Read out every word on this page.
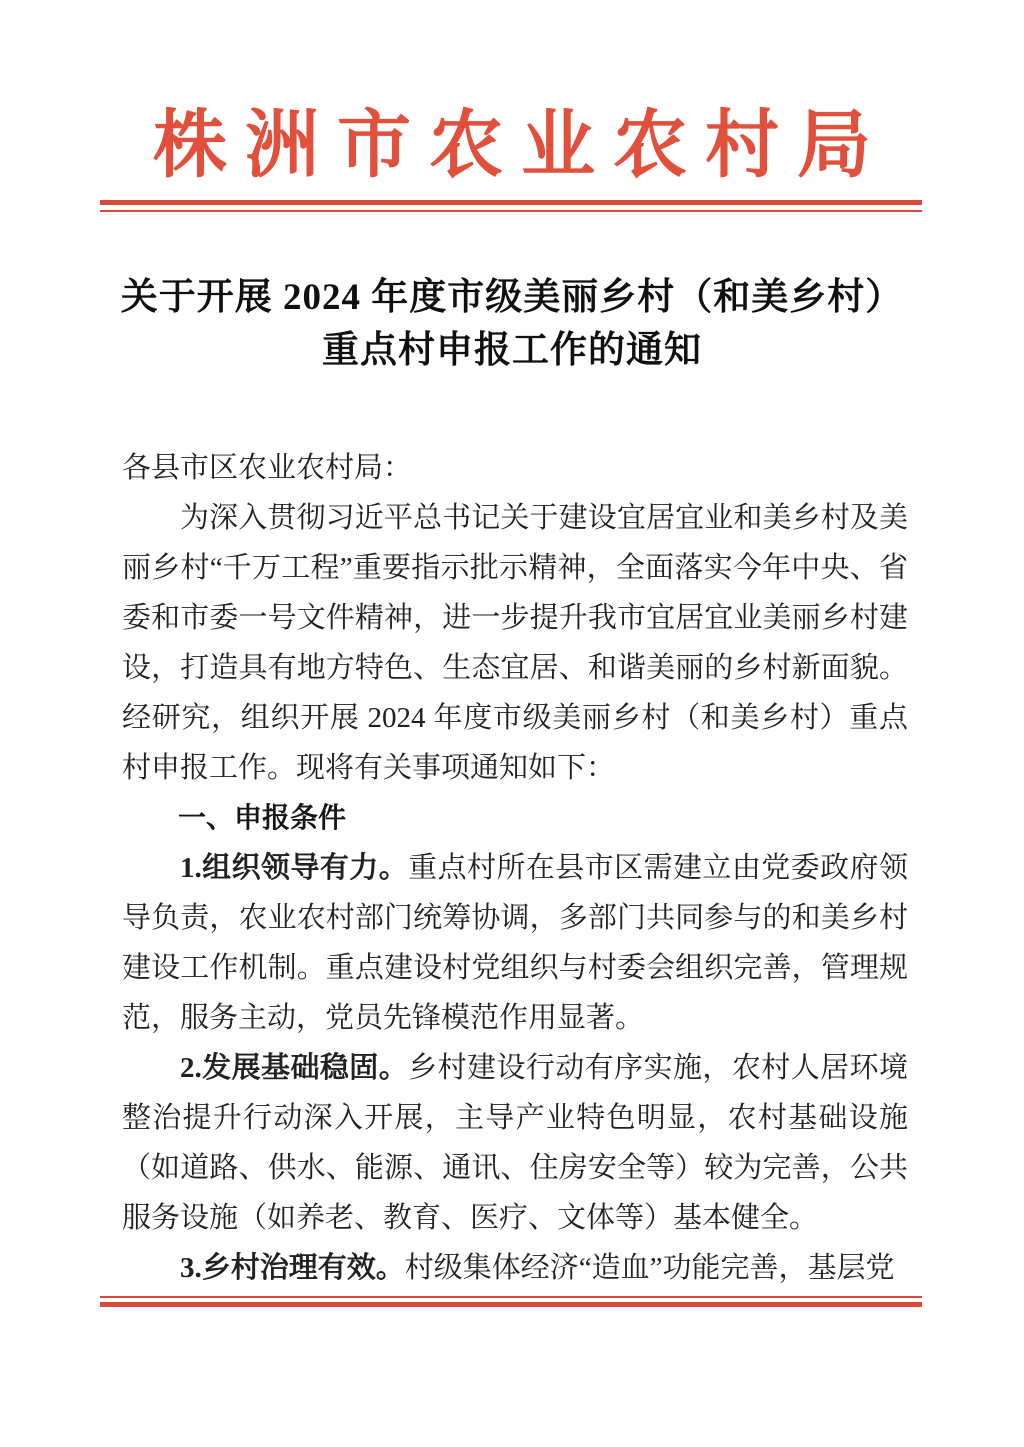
株洲市农业农村局
关于开展 2024 年度市级美丽乡村（和美乡村）
重点村申报工作的通知

各县市区农业农村局：

为深入贯彻习近平总书记关于建设宜居宜业和美乡村及美丽乡村“千万工程”重要指示批示精神，全面落实今年中央、省委和市委一号文件精神，进一步提升我市宜居宜业美丽乡村建设，打造具有地方特色、生态宜居、和谐美丽的乡村新面貌。经研究，组织开展 2024 年度市级美丽乡村（和美乡村）重点村申报工作。现将有关事项通知如下：

一、申报条件

1.组织领导有力。重点村所在县市区需建立由党委政府领导负责，农业农村部门统筹协调，多部门共同参与的和美乡村建设工作机制。重点建设村党组织与村委会组织完善，管理规范，服务主动，党员先锋模范作用显著。

2.发展基础稳固。乡村建设行动有序实施，农村人居环境整治提升行动深入开展，主导产业特色明显，农村基础设施（如道路、供水、能源、通讯、住房安全等）较为完善，公共服务设施（如养老、教育、医疗、文体等）基本健全。

3.乡村治理有效。村级集体经济“造血”功能完善，基层党
